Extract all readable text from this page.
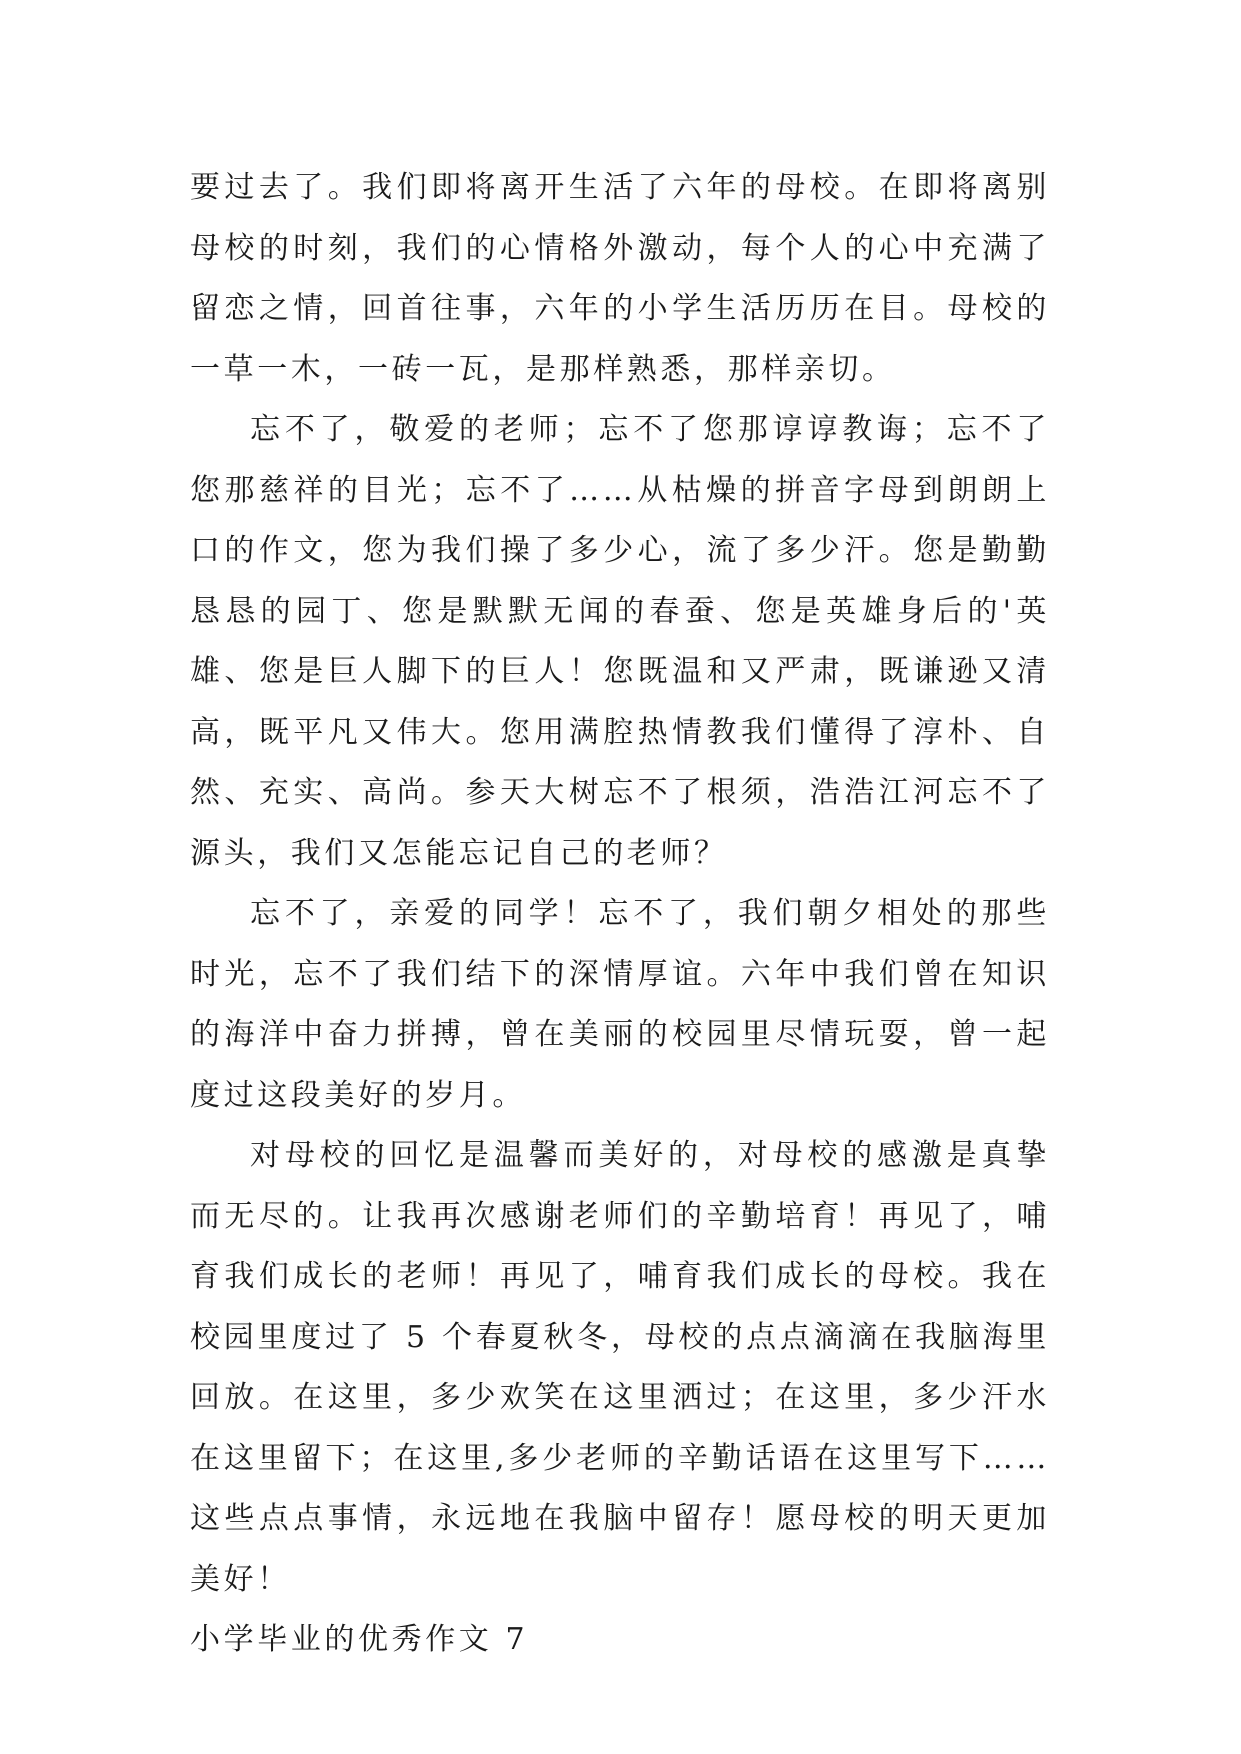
要过去了。我们即将离开生活了六年的母校。在即将离别母校的时刻，我们的心情格外激动，每个人的心中充满了留恋之情，回首往事，六年的小学生活历历在目。母校的一草一木，一砖一瓦，是那样熟悉，那样亲切。

忘不了，敬爱的老师；忘不了您那谆谆教诲；忘不了您那慈祥的目光；忘不了……从枯燥的拼音字母到朗朗上口的作文，您为我们操了多少心，流了多少汗。您是勤勤恳恳的园丁、您是默默无闻的春蚕、您是英雄身后的'英雄、您是巨人脚下的巨人！您既温和又严肃，既谦逊又清高，既平凡又伟大。您用满腔热情教我们懂得了淳朴、自然、充实、高尚。参天大树忘不了根须，浩浩江河忘不了源头，我们又怎能忘记自己的老师？

忘不了，亲爱的同学！忘不了，我们朝夕相处的那些时光，忘不了我们结下的深情厚谊。六年中我们曾在知识的海洋中奋力拼搏，曾在美丽的校园里尽情玩耍，曾一起度过这段美好的岁月。

对母校的回忆是温馨而美好的，对母校的感激是真挚而无尽的。让我再次感谢老师们的辛勤培育！再见了，哺育我们成长的老师！再见了，哺育我们成长的母校。我在校园里度过了 5 个春夏秋冬，母校的点点滴滴在我脑海里回放。在这里，多少欢笑在这里洒过；在这里，多少汗水在这里留下；在这里,多少老师的辛勤话语在这里写下……这些点点事情，永远地在我脑中留存！愿母校的明天更加美好！

小学毕业的优秀作文 7
